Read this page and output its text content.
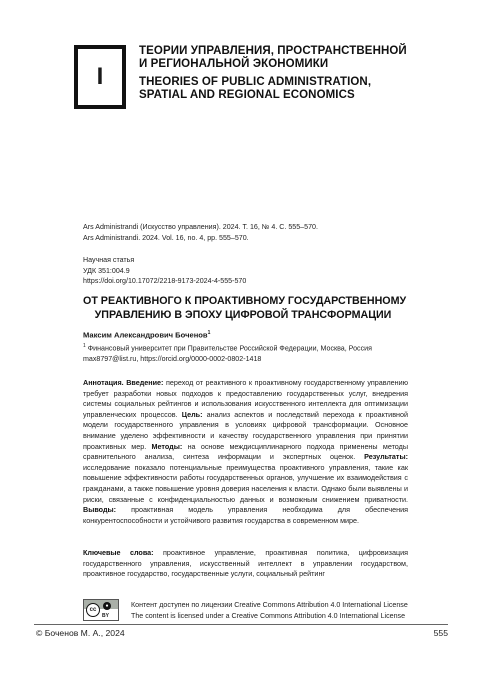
I
ТЕОРИИ УПРАВЛЕНИЯ, ПРОСТРАНСТВЕННОЙ
И РЕГИОНАЛЬНОЙ ЭКОНОМИКИ
THEORIES OF PUBLIC ADMINISTRATION,
SPATIAL AND REGIONAL ECONOMICS
Ars Administrandi (Искусство управления). 2024. Т. 16, № 4. С. 555–570.
Ars Administrandi. 2024. Vol. 16, no. 4, pp. 555–570.
Научная статья
УДК 351:004.9
https://doi.org/10.17072/2218-9173-2024-4-555-570
ОТ РЕАКТИВНОГО К ПРОАКТИВНОМУ ГОСУДАРСТВЕННОМУ
УПРАВЛЕНИЮ В ЭПОХУ ЦИФРОВОЙ ТРАНСФОРМАЦИИ
Максим Александрович Боченов$^1$
$^1$ Финансовый университет при Правительстве Российской Федерации, Москва, Россия
max8797@list.ru, https://orcid.org/0000-0002-0802-1418
Аннотация. Введение: переход от реактивного к проактивному государственному управлению требует разработки новых подходов к предоставлению государственных услуг, внедрения системы социальных рейтингов и использования искусственного интеллекта для оптимизации управленческих процессов. Цель: анализ аспектов и последствий перехода к проактивной модели государственного управления в условиях цифровой трансформации. Основное внимание уделено эффективности и качеству государственного управления при принятии проактивных мер. Методы: на основе междисциплинарного подхода применены методы сравнительного анализа, синтеза информации и экспертных оценок. Результаты: исследование показало потенциальные преимущества проактивного управления, такие как повышение эффективности работы государственных органов, улучшение их взаимодействия с гражданами, а также повышение уровня доверия населения к власти. Однако были выявлены и риски, связанные с конфиденциальностью данных и возможным снижением приватности. Выводы: проактивная модель управления необходима для обеспечения конкурентоспособности и устойчивого развития государства в современном мире.
Ключевые слова: проактивное управление, проактивная политика, цифровизация государственного управления, искусственный интеллект в управлении государством, проактивное государство, государственные услуги, социальный рейтинг
cc
●
BY
Контент доступен по лицензии Creative Commons Attribution 4.0 International License
The content is licensed under a Creative Commons Attribution 4.0 International License
© Боченов М. А., 2024	555
